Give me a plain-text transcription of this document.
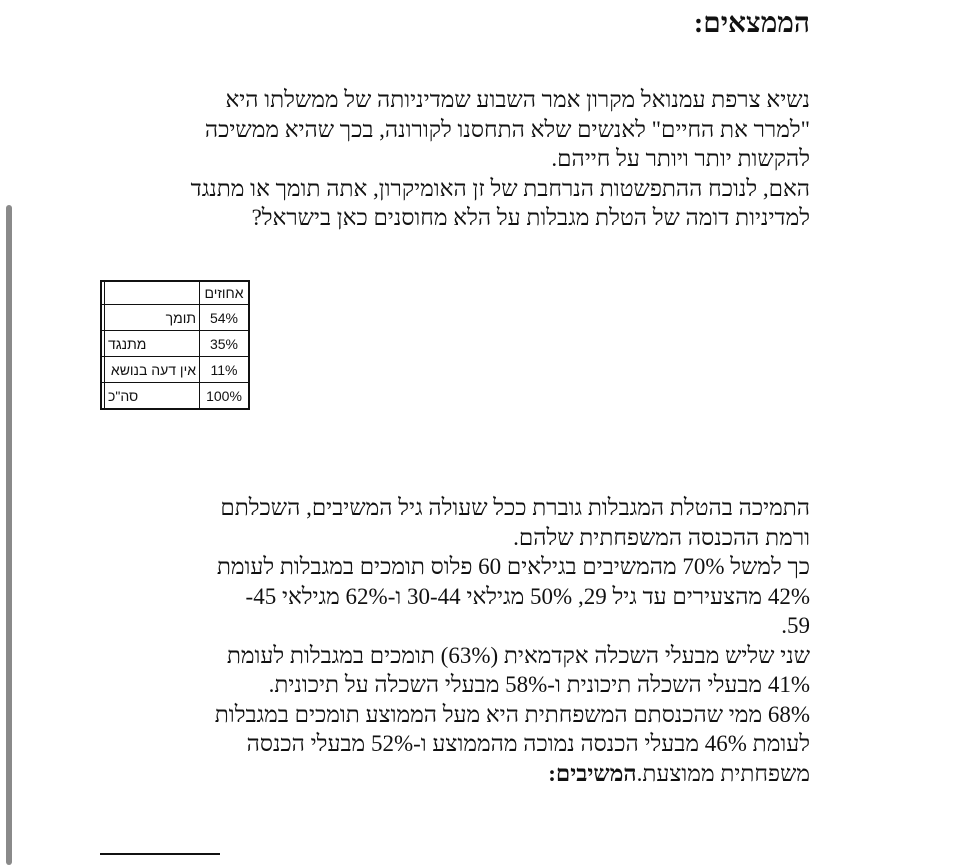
הממצאים:
נשיא צרפת עמנואל מקרון אמר השבוע שמדיניותה של ממשלתו היא
"למרר את החיים" לאנשים שלא התחסנו לקורונה, בכך שהיא ממשיכה
להקשות יותר ויותר על חייהם.
האם, לנוכח ההתפשטות הנרחבת של זן האומיקרון, אתה תומך או מתנגד
למדיניות דומה של הטלת מגבלות על הלא מחוסנים כאן בישראל?
אחוזים		
54%	תומך	
35%	מתנגד	
11%	אין דעה בנושא	
100%	סה"כ	
התמיכה בהטלת המגבלות גוברת ככל שעולה גיל המשיבים, השכלתם
ורמת ההכנסה המשפחתית שלהם.
כך למשל 70% מהמשיבים בגילאים 60 פלוס תומכים במגבלות לעומת
42% מהצעירים עד גיל 29, 50% מגילאי 30-44 ו-62% מגילאי 45-
59.
שני שליש מבעלי השכלה אקדמאית (63%) תומכים במגבלות לעומת
41% מבעלי השכלה תיכונית ו-58% מבעלי השכלה על תיכונית.
68% ממי שהכנסתם המשפחתית היא מעל הממוצע תומכים במגבלות
לעומת 46% מבעלי הכנסה נמוכה מהממוצע ו-52% מבעלי הכנסה
משפחתית ממוצעת.המשיבים:
